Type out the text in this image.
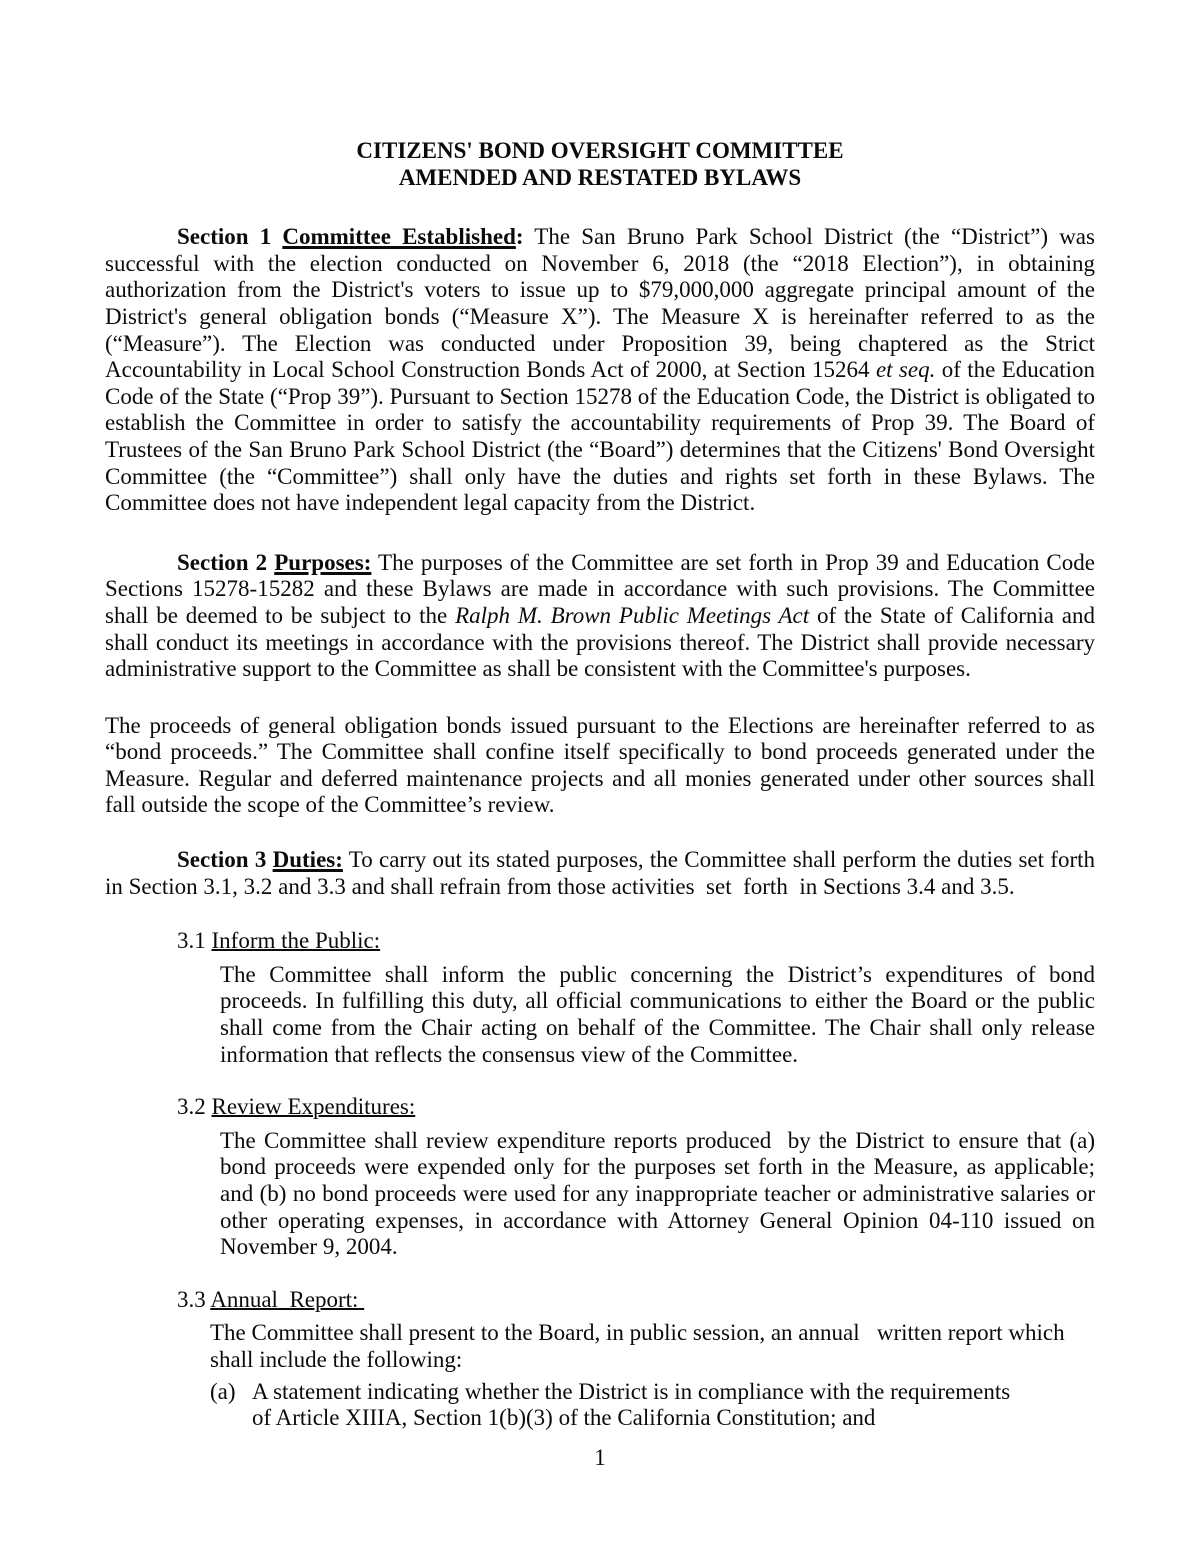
CITIZENS' BOND OVERSIGHT COMMITTEE
AMENDED AND RESTATED BYLAWS

Section 1 Committee Established: The San Bruno Park School District (the “District”) was successful with the election conducted on November 6, 2018 (the “2018 Election”), in obtaining authorization from the District's voters to issue up to $79,000,000 aggregate principal amount of the District's general obligation bonds (“Measure X”). The Measure X is hereinafter referred to as the (“Measure”). The Election was conducted under Proposition 39, being chaptered as the Strict Accountability in Local School Construction Bonds Act of 2000, at Section 15264 et seq. of the Education Code of the State (“Prop 39”). Pursuant to Section 15278 of the Education Code, the District is obligated to establish the Committee in order to satisfy the accountability requirements of Prop 39. The Board of Trustees of the San Bruno Park School District (the “Board”) determines that the Citizens' Bond Oversight Committee (the “Committee”) shall only have the duties and rights set forth in these Bylaws. The Committee does not have independent legal capacity from the District.

Section 2 Purposes: The purposes of the Committee are set forth in Prop 39 and Education Code Sections 15278-15282 and these Bylaws are made in accordance with such provisions. The Committee shall be deemed to be subject to the Ralph M. Brown Public Meetings Act of the State of California and shall conduct its meetings in accordance with the provisions thereof. The District shall provide necessary administrative support to the Committee as shall be consistent with the Committee's purposes.

The proceeds of general obligation bonds issued pursuant to the Elections are hereinafter referred to as “bond proceeds.” The Committee shall confine itself specifically to bond proceeds generated under the Measure. Regular and deferred maintenance projects and all monies generated under other sources shall fall outside the scope of the Committee’s review.

Section 3 Duties: To carry out its stated purposes, the Committee shall perform the duties set forth in Section 3.1, 3.2 and 3.3 and shall refrain from those activities  set  forth  in Sections 3.4 and 3.5.

3.1 Inform the Public:

The Committee shall inform the public concerning the District’s expenditures of bond proceeds. In fulfilling this duty, all official communications to either the Board or the public shall come from the Chair acting on behalf of the Committee. The Chair shall only release information that reflects the consensus view of the Committee.

3.2 Review Expenditures:

The Committee shall review expenditure reports produced  by the District to ensure that (a) bond proceeds were expended only for the purposes set forth in the Measure, as applicable; and (b) no bond proceeds were used for any inappropriate teacher or administrative salaries or other operating expenses, in accordance with Attorney General Opinion 04-110 issued on November 9, 2004.

3.3 Annual  Report:

The Committee shall present to the Board, in public session, an annual   written report which shall include the following:

(a) A statement indicating whether the District is in compliance with the requirements of Article XIIIA, Section 1(b)(3) of the California Constitution; and
1
